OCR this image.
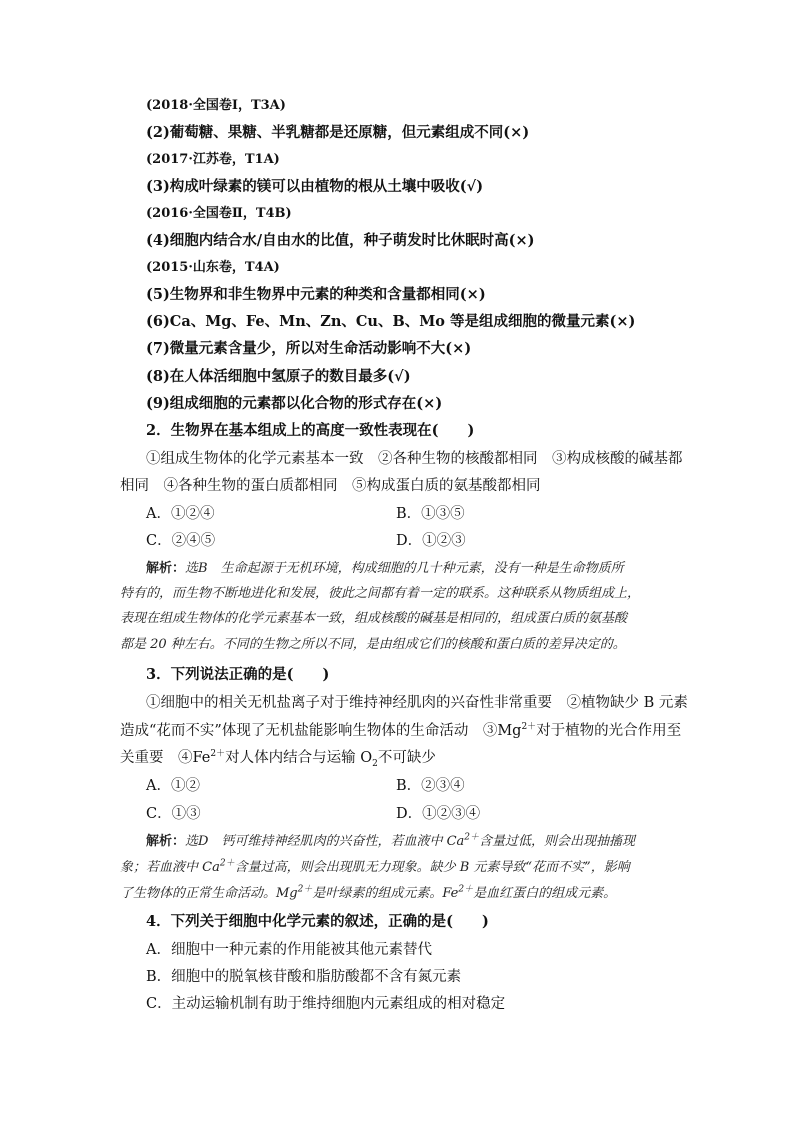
(2018·全国卷Ⅰ，T3A)
(2)葡萄糖、果糖、半乳糖都是还原糖，但元素组成不同(×)
(2017·江苏卷，T1A)
(3)构成叶绿素的镁可以由植物的根从土壤中吸收(√)
(2016·全国卷Ⅱ，T4B)
(4)细胞内结合水/自由水的比值，种子萌发时比休眠时高(×)
(2015·山东卷，T4A)
(5)生物界和非生物界中元素的种类和含量都相同(×)
(6)Ca、Mg、Fe、Mn、Zn、Cu、B、Mo 等是组成细胞的微量元素(×)
(7)微量元素含量少，所以对生命活动影响不大(×)
(8)在人体活细胞中氢原子的数目最多(√)
(9)组成细胞的元素都以化合物的形式存在(×)
2．生物界在基本组成上的高度一致性表现在(　　)
①组成生物体的化学元素基本一致　②各种生物的核酸都相同　③构成核酸的碱基都
相同　④各种生物的蛋白质都相同　⑤构成蛋白质的氨基酸都相同
A．①②④	B．①③⑤
C．②④⑤	D．①②③
解析：选B　生命起源于无机环境，构成细胞的几十种元素，没有一种是生命物质所
特有的，而生物不断地进化和发展，彼此之间都有着一定的联系。这种联系从物质组成上，
表现在组成生物体的化学元素基本一致，组成核酸的碱基是相同的，组成蛋白质的氨基酸
都是 20 种左右。不同的生物之所以不同，是由组成它们的核酸和蛋白质的差异决定的。
3．下列说法正确的是(　　)
①细胞中的相关无机盐离子对于维持神经肌肉的兴奋性非常重要　②植物缺少 B 元素
造成“花而不实”体现了无机盐能影响生物体的生命活动　$③Mg^{2+}$对于植物的光合作用至
关重要　$④Fe^{2+}$对人体内结合与运输 $O_2$不可缺少
A．①②	B．②③④
C．①③	D．①②③④
解析：选D　钙可维持神经肌肉的兴奋性，若血液中 $Ca^{2+}$含量过低，则会出现抽搐现
象；若血液中 $Ca^{2+}$含量过高，则会出现肌无力现象。缺少 B 元素导致“花而不实”，影响
了生物体的正常生命活动。$Mg^{2+}$是叶绿素的组成元素。$Fe^{2+}$是血红蛋白的组成元素。
4．下列关于细胞中化学元素的叙述，正确的是(　　)
A．细胞中一种元素的作用能被其他元素替代
B．细胞中的脱氧核苷酸和脂肪酸都不含有氮元素
C．主动运输机制有助于维持细胞内元素组成的相对稳定
